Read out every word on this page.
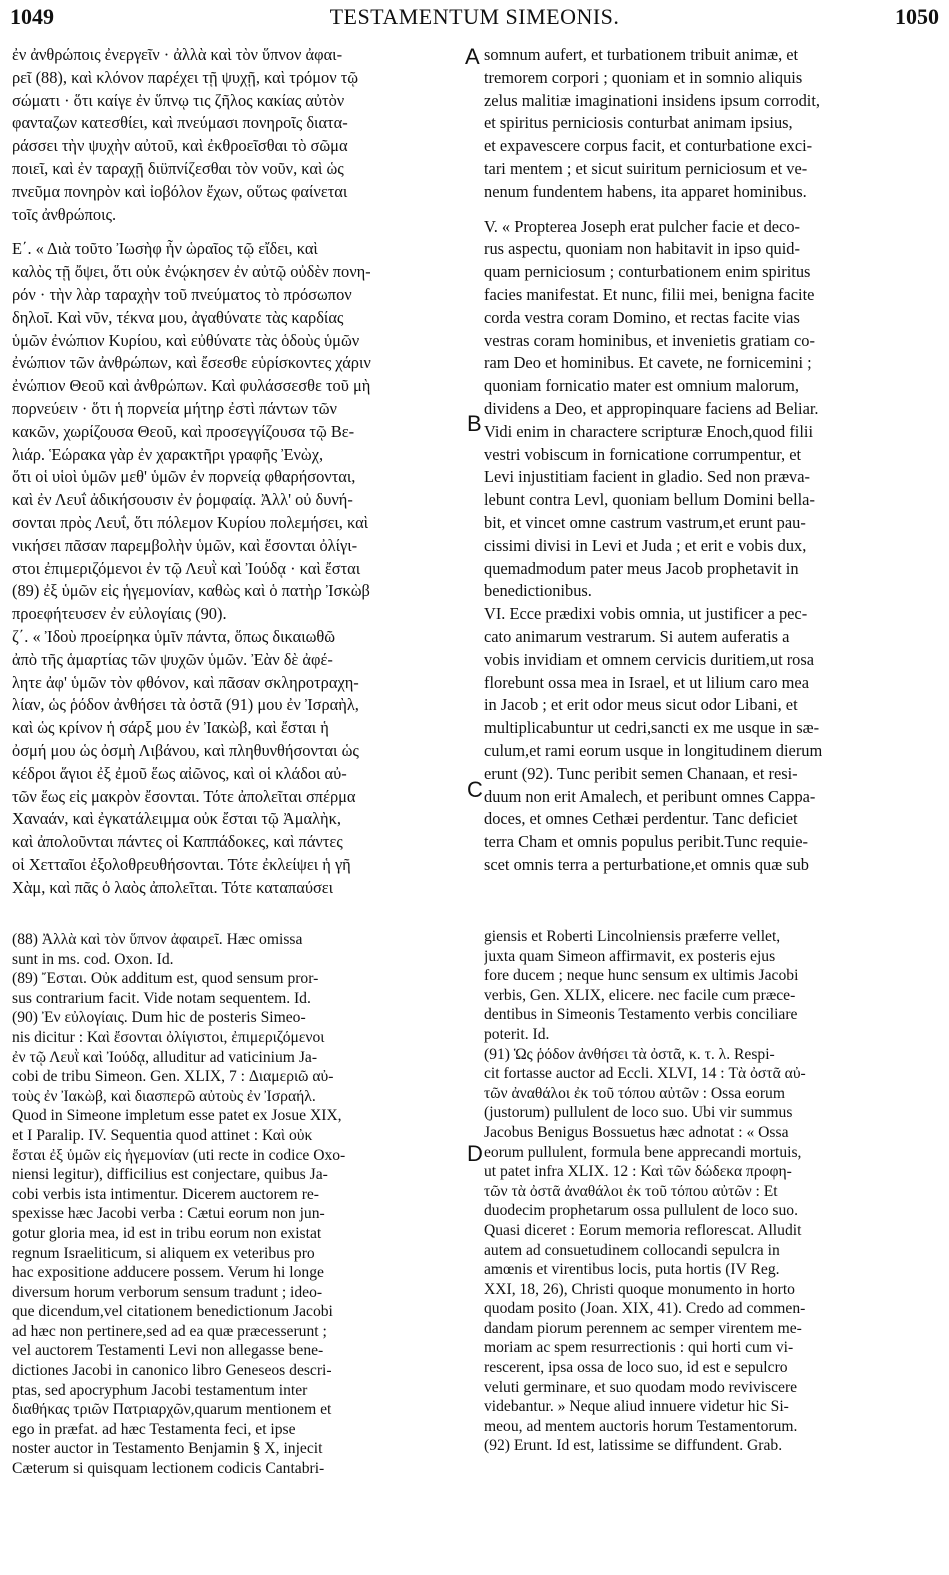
TESTAMENTUM SIMEONIS.
1049	1050
ἐν ἀνθρώποις ἐνεργεῖν · ἀλλὰ καὶ τὸν ὕπνον ἀφαι-
ρεῖ (88), καὶ κλόνον παρέχει τῇ ψυχῇ, καὶ τρόμον τῷ
σώματι · ὅτι καίγε ἐν ὕπνῳ τις ζῆλος κακίας αὐτὸν
φανταζων κατεσθίει, καὶ πνεύμασι πονηροῖς διατα-
ράσσει τὴν ψυχὴν αὐτοῦ, καὶ ἐκθροεῖσθαι τὸ σῶμα
ποιεῖ, καὶ ἐν ταραχῇ διϋπνίζεσθαι τὸν νοῦν, καὶ ὡς
πνεῦμα πονηρὸν καὶ ἰοβόλον ἔχων, οὕτως φαίνεται
τοῖς ἀνθρώποις.
Ε΄. « Διὰ τοῦτο Ἰωσὴφ ἦν ὡραῖος τῷ εἴδει, καὶ
καλὸς τῇ ὄψει, ὅτι οὐκ ἐνῴκησεν ἐν αὐτῷ οὐδὲν πονη-
ρόν · τὴν λὰρ ταραχὴν τοῦ πνεύματος τὸ πρόσωπον
δηλοῖ. Καὶ νῦν, τέκνα μου, ἀγαθύνατε τὰς καρδίας
ὑμῶν ἐνώπιον Κυρίου, καὶ εὐθύνατε τὰς ὁδοὺς ὑμῶν
ἐνώπιον τῶν ἀνθρώπων, καὶ ἔσεσθε εὑρίσκοντες χάριν
ἐνώπιον Θεοῦ καὶ ἀνθρώπων. Καὶ φυλάσσεσθε τοῦ μὴ
πορνεύειν · ὅτι ἡ πορνεία μήτηρ ἐστὶ πάντων τῶν
κακῶν, χωρίζουσα Θεοῦ, καὶ προσεγγίζουσα τῷ Βε-
λιάρ. Ἑώρακα γὰρ ἐν χαρακτῆρι γραφῆς Ἐνὼχ,
ὅτι οἱ υἱοὶ ὑμῶν μεθ' ὑμῶν ἐν πορνείᾳ φθαρήσονται,
καὶ ἐν Λευΐ ἀδικήσουσιν ἐν ῥομφαίᾳ. Ἀλλ' οὐ δυνή-
σονται πρὸς Λευΐ, ὅτι πόλεμον Κυρίου πολεμήσει, καὶ
νικήσει πᾶσαν παρεμβολὴν ὑμῶν, καὶ ἔσονται ὀλίγι-
στοι ἐπιμεριζόμενοι ἐν τῷ Λευῒ καὶ Ἰούδᾳ · καὶ ἔσται
(89) ἐξ ὑμῶν εἰς ἡγεμονίαν, καθὼς καὶ ὁ πατὴρ Ἰσκὼβ
προεφήτευσεν ἐν εὐλογίαις (90).
ζ΄. « Ἰδοὺ προείρηκα ὑμῖν πάντα, ὅπως δικαιωθῶ
ἀπὸ τῆς ἁμαρτίας τῶν ψυχῶν ὑμῶν. Ἐὰν δὲ ἀφέ-
λητε ἀφ' ὑμῶν τὸν φθόνον, καὶ πᾶσαν σκληροτραχη-
λίαν, ὡς ῥόδον ἀνθήσει τὰ ὀστᾶ (91) μου ἐν Ἰσραὴλ,
καὶ ὡς κρίνον ἡ σάρξ μου ἐν Ἰακὼβ, καὶ ἔσται ἡ
ὀσμή μου ὡς ὀσμὴ Λιβάνου, καὶ πληθυνθήσονται ὡς
κέδροι ἅγιοι ἐξ ἐμοῦ ἕως αἰῶνος, καὶ οἱ κλάδοι αὐ-
τῶν ἕως εἰς μακρὸν ἔσονται. Τότε ἀπολεῖται σπέρμα
Χαναάν, καὶ ἐγκατάλειμμα οὐκ ἔσται τῷ Ἀμαλὴκ,
καὶ ἀπολοῦνται πάντες οἱ Καππάδοκες, καὶ πάντες
οἱ Χετταῖοι ἐξολοθρευθήσονται. Τότε ἐκλείψει ἡ γῆ
Χὰμ, καὶ πᾶς ὁ λαὸς ἀπολεῖται. Τότε καταπαύσει
somnum aufert, et turbationem tribuit animæ, et
tremorem corpori ; quoniam et in somnio aliquis
zelus malitiæ imaginationi insidens ipsum corrodit,
et spiritus perniciosis conturbat animam ipsius,
et expavescere corpus facit, et conturbatione exci-
tari mentem ; et sicut suiritum perniciosum et ve-
nenum fundentem habens, ita apparet hominibus.
V. « Propterea Joseph erat pulcher facie et deco-
rus aspectu, quoniam non habitavit in ipso quid-
quam perniciosum ; conturbationem enim spiritus
facies manifestat. Et nunc, filii mei, benigna facite
corda vestra coram Domino, et rectas facite vias
vestras coram hominibus, et invenietis gratiam co-
ram Deo et hominibus. Et cavete, ne fornicemini ;
quoniam fornicatio mater est omnium malorum,
dividens a Deo, et appropinquare faciens ad Beliar.
Vidi enim in charactere scripturæ Enoch,quod filii
vestri vobiscum in fornicatione corrumpentur, et
Levi injustitiam facient in gladio. Sed non præva-
lebunt contra Levl, quoniam bellum Domini bella-
bit, et vincet omne castrum vastrum,et erunt pau-
cissimi divisi in Levi et Juda ; et erit e vobis dux,
quemadmodum pater meus Jacob prophetavit in
benedictionibus.
VI. Ecce prædixi vobis omnia, ut justificer a pec-
cato animarum vestrarum. Si autem auferatis a
vobis invidiam et omnem cervicis duritiem,ut rosa
florebunt ossa mea in Israel, et ut lilium caro mea
in Jacob ; et erit odor meus sicut odor Libani, et
multiplicabuntur ut cedri,sancti ex me usque in sæ-
culum,et rami eorum usque in longitudinem dierum
erunt (92). Tunc peribit semen Chanaan, et resi-
duum non erit Amalech, et peribunt omnes Cappa-
doces, et omnes Cethæi perdentur. Tanc deficiet
terra Cham et omnis populus peribit.Tunc requie-
scet omnis terra a perturbatione,et omnis quæ sub
A
B
C
D
(88) Ἀλλὰ καὶ τὸν ὕπνον ἀφαιρεῖ. Hæc omissa
sunt in ms. cod. Oxon. Id.
(89) Ἔσται. Οὐκ additum est, quod sensum pror-
sus contrarium facit. Vide notam sequentem. Id.
(90) Ἐν εὐλογίαις. Dum hic de posteris Simeo-
nis dicitur : Καὶ ἔσονται ὀλίγιστοι, ἐπιμεριζόμενοι
ἐν τῷ Λευῒ καὶ Ἰούδᾳ, alluditur ad vaticinium Ja-
cobi de tribu Simeon. Gen. XLIX, 7 : Διαμεριῶ αὐ-
τοὺς ἐν Ἰακὼβ, καὶ διασπερῶ αὐτοὺς ἐν Ἰσραήλ.
Quod in Simeone impletum esse patet ex Josue XIX,
et I Paralip. IV. Sequentia quod attinet : Καὶ οὐκ
ἔσται ἐξ ὑμῶν εἰς ἡγεμονίαν (uti recte in codice Oxo-
niensi legitur), difficilius est conjectare, quibus Ja-
cobi verbis ista intimentur. Dicerem auctorem re-
spexisse hæc Jacobi verba : Cætui eorum non jun-
gotur gloria mea, id est in tribu eorum non existat
regnum Israeliticum, si aliquem ex veteribus pro
hac expositione adducere possem. Verum hi longe
diversum horum verborum sensum tradunt ; ideo-
que dicendum,vel citationem benedictionum Jacobi
ad hæc non pertinere,sed ad ea quæ præcesserunt ;
vel auctorem Testamenti Levi non allegasse bene-
dictiones Jacobi in canonico libro Geneseos descri-
ptas, sed apocryphum Jacobi testamentum inter
διαθήκας τριῶν Πατριαρχῶν,quarum mentionem et
ego in præfat. ad hæc Testamenta feci, et ipse
noster auctor in Testamento Benjamin § X, injecit
Cæterum si quisquam lectionem codicis Cantabri-
giensis et Roberti Lincolniensis præferre vellet,
juxta quam Simeon affirmavit, ex posteris ejus
fore ducem ; neque hunc sensum ex ultimis Jacobi
verbis, Gen. XLIX, elicere. nec facile cum præce-
dentibus in Simeonis Testamento verbis conciliare
poterit. Id.
(91) Ὡς ῥόδον ἀνθήσει τὰ ὀστᾶ, κ. τ. λ. Respi-
cit fortasse auctor ad Eccli. XLVI, 14 : Τὰ ὀστᾶ αὐ-
τῶν ἀναθάλοι ἐκ τοῦ τόπου αὐτῶν : Ossa eorum
(justorum) pullulent de loco suo. Ubi vir summus
Jacobus Benigus Bossuetus hæc adnotat : « Ossa
eorum pullulent, formula bene apprecandi mortuis,
ut patet infra XLIX. 12 : Καὶ τῶν δώδεκα προφη-
τῶν τὰ ὀστᾶ ἀναθάλοι ἐκ τοῦ τόπου αὐτῶν : Et
duodecim prophetarum ossa pullulent de loco suo.
Quasi diceret : Eorum memoria reflorescat. Alludit
autem ad consuetudinem collocandi sepulcra in
amœnis et virentibus locis, puta hortis (IV Reg.
XXI, 18, 26), Christi quoque monumento in horto
quodam posito (Joan. XIX, 41). Credo ad commen-
dandam piorum perennem ac semper virentem me-
moriam ac spem resurrectionis : qui horti cum vi-
rescerent, ipsa ossa de loco suo, id est e sepulcro
veluti germinare, et suo quodam modo reviviscere
videbantur. » Neque aliud innuere videtur hic Si-
meou, ad mentem auctoris horum Testamentorum.
(92) Erunt. Id est, latissime se diffundent. Grab.
